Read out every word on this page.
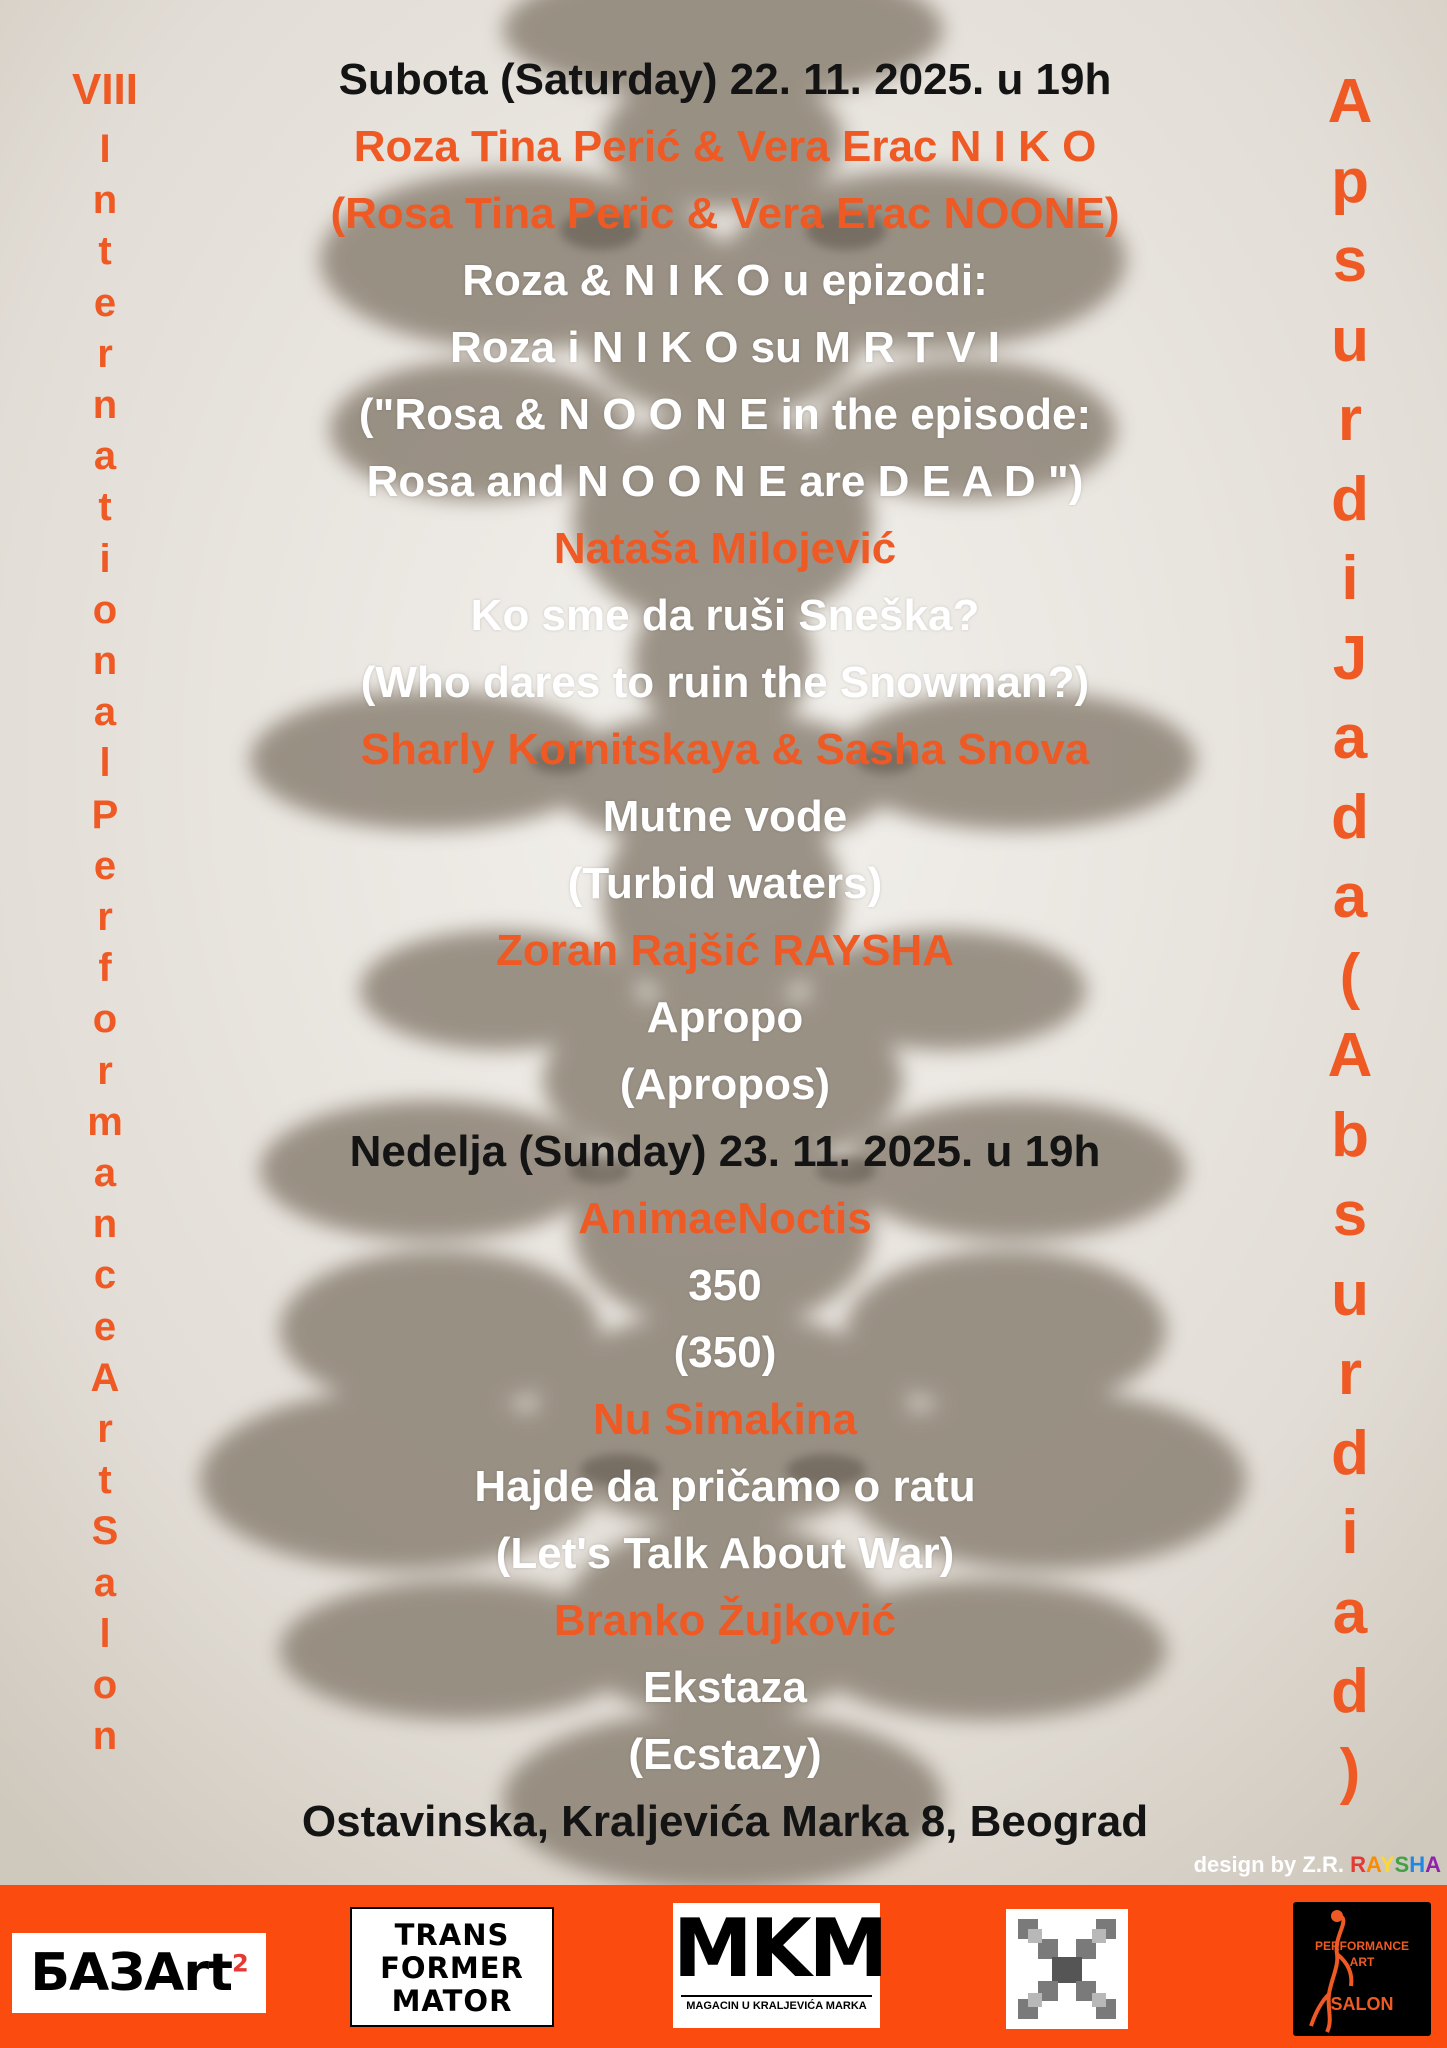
VIII
I
n
t
e
r
n
a
t
i
o
n
a
l
P
e
r
f
o
r
m
a
n
c
e
A
r
t
S
a
l
o
n
A
p
s
u
r
d
i
J
a
d
a
(
A
b
s
u
r
d
i
a
d
)
Subota (Saturday) 22. 11. 2025. u 19h
Roza Tina Perić & Vera Erac N I K O
(Rosa Tina Peric & Vera Erac NOONE)
Roza & N I K O u epizodi:
Roza i N I K O su M R T V I
("Rosa & N O O N E in the episode:
Rosa and N O O N E are D E A D ")
Nataša Milojević
Ko sme da ruši Sneška?
(Who dares to ruin the Snowman?)
Sharly Kornitskaya & Sasha Snova
Mutne vode
(Turbid waters)
Zoran Rajšić RAYSHA
Apropo
(Apropos)
Nedelja (Sunday) 23. 11. 2025. u 19h
AnimaeNoctis
350
(350)
Nu Simakina
Hajde da pričamo o ratu
(Let's Talk About War)
Branko Žujković
Ekstaza
(Ecstazy)
Ostavinska, Kraljevića Marka 8, Beograd
design by Z.R. RAYSHA
БАЗАrt$^2$
TRANS
FORMER
MATOR
MKM
MAGACIN U KRALJEVIĆA MARKA
PERFORMANCE
ART
SALON
